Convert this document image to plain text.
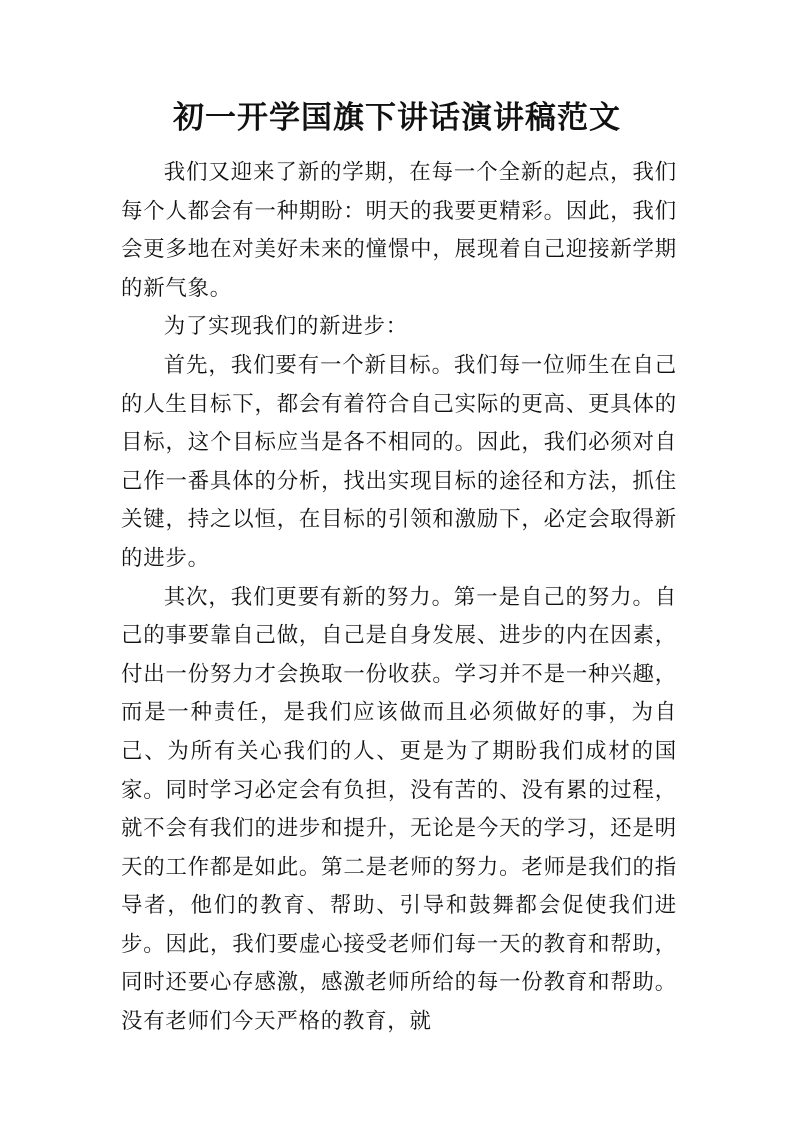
初一开学国旗下讲话演讲稿范文

我们又迎来了新的学期，在每一个全新的起点，我们每个人都会有一种期盼：明天的我要更精彩。因此，我们会更多地在对美好未来的憧憬中，展现着自己迎接新学期的新气象。

为了实现我们的新进步：

首先，我们要有一个新目标。我们每一位师生在自己的人生目标下，都会有着符合自己实际的更高、更具体的目标，这个目标应当是各不相同的。因此，我们必须对自己作一番具体的分析，找出实现目标的途径和方法，抓住关键，持之以恒，在目标的引领和激励下，必定会取得新的进步。

其次，我们更要有新的努力。第一是自己的努力。自己的事要靠自己做，自己是自身发展、进步的内在因素，付出一份努力才会换取一份收获。学习并不是一种兴趣，而是一种责任，是我们应该做而且必须做好的事，为自己、为所有关心我们的人、更是为了期盼我们成材的国家。同时学习必定会有负担，没有苦的、没有累的过程，就不会有我们的进步和提升，无论是今天的学习，还是明天的工作都是如此。第二是老师的努力。老师是我们的指导者，他们的教育、帮助、引导和鼓舞都会促使我们进步。因此，我们要虚心接受老师们每一天的教育和帮助，同时还要心存感激，感激老师所给的每一份教育和帮助。没有老师们今天严格的教育，就
